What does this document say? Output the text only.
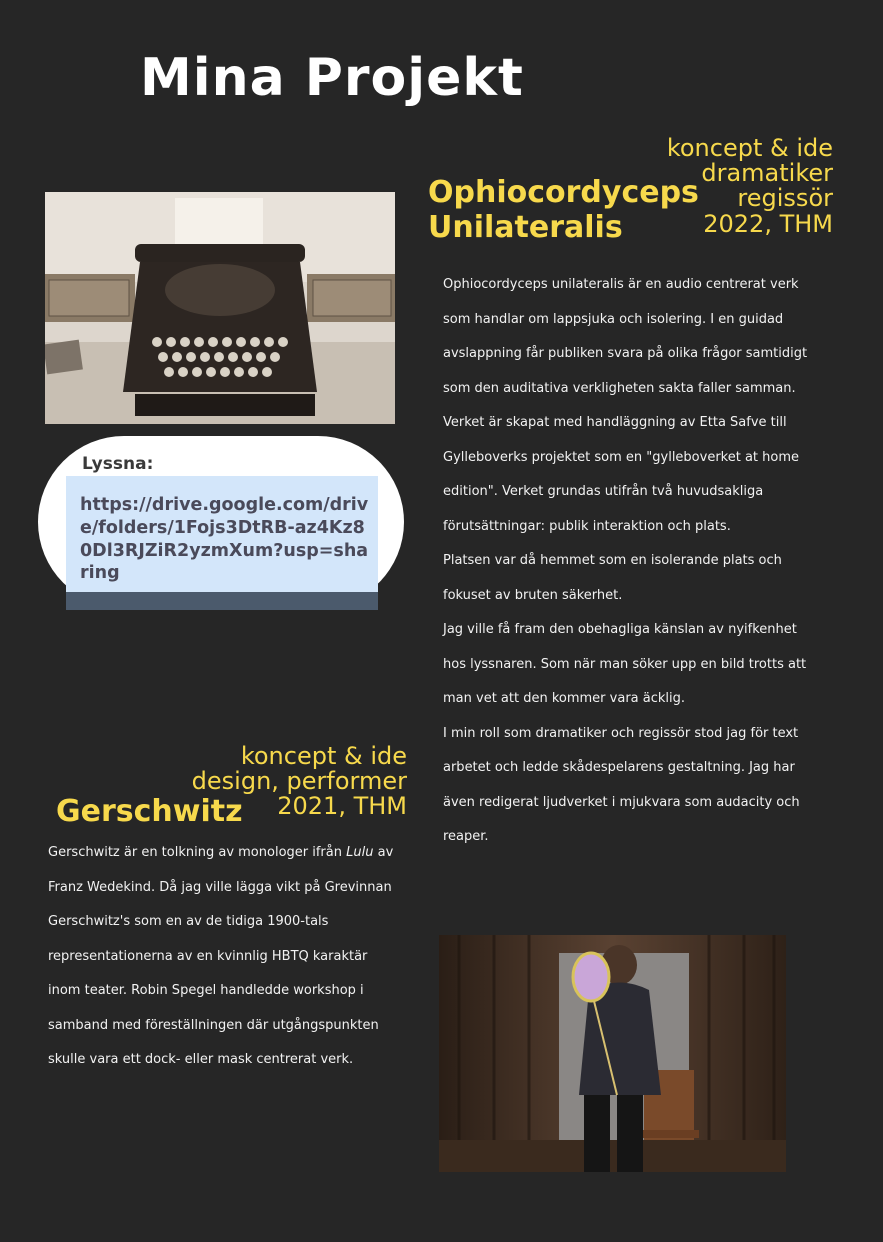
Mina Projekt
koncept & ide
dramatiker
regissör
2022, THM
Ophiocordyceps
Unilateralis
Lyssna:
https://drive.google.com/drive/folders/1Fojs3DtRB-az4Kz80Dl3RJZiR2yzmXum?usp=sharing

Ophiocordyceps unilateralis är en audio centrerat verk som handlar om lappsjuka och isolering. I en guidad avslappning får publiken svara på olika frågor samtidigt som den auditativa verkligheten sakta faller samman. Verket är skapat med handläggning av Etta Safve till Gylleboverks projektet som en "gylleboverket at home edition". Verket grundas utifrån två huvudsakliga förutsättningar: publik interaktion och plats.

Platsen var då hemmet som en isolerande plats och fokuset av bruten säkerhet.

Jag ville få fram den obehagliga känslan av nyifkenhet hos lyssnaren. Som när man söker upp en bild trotts att man vet att den kommer vara äcklig.

I min roll som dramatiker och regissör stod jag för text arbetet och ledde skådespelarens gestaltning. Jag har även redigerat ljudverket i mjukvara som audacity och reaper.

koncept & ide
design, performer
2021, THM
Gerschwitz

Gerschwitz är en tolkning av monologer ifrån Lulu av Franz Wedekind. Då jag ville lägga vikt på Grevinnan Gerschwitz's som en av de tidiga 1900-tals representationerna av en kvinnlig HBTQ karaktär inom teater. Robin Spegel handledde workshop i samband med föreställningen där utgångspunkten skulle vara ett dock- eller mask centrerat verk.
